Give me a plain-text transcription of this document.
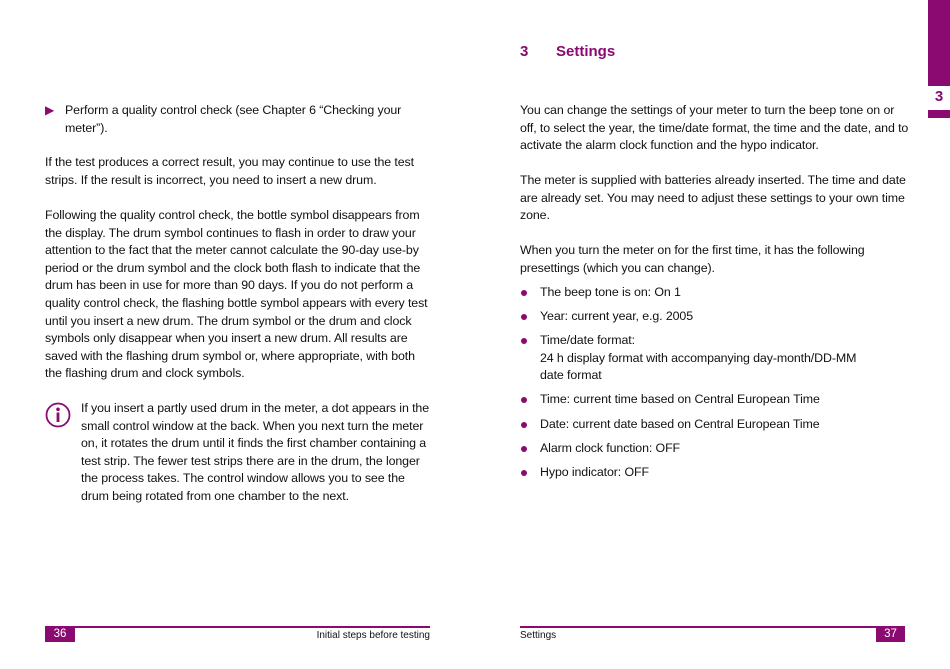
▶ Perform a quality control check (see Chapter 6 “Checking your meter”).

If the test produces a correct result, you may continue to use the test strips. If the result is incorrect, you need to insert a new drum.

Following the quality control check, the bottle symbol disappears from the display. The drum symbol continues to flash in order to draw your attention to the fact that the meter cannot calculate the 90-day use-by period or the drum symbol and the clock both flash to indicate that the drum has been in use for more than 90 days. If you do not perform a quality control check, the flashing bottle symbol appears with every test until you insert a new drum. The drum symbol or the drum and clock symbols only disappear when you insert a new drum. All results are saved with the flashing drum symbol or, where appropriate, with both the flashing drum and clock symbols.

If you insert a partly used drum in the meter, a dot appears in the small control window at the back. When you next turn the meter on, it rotates the drum until it finds the first chamber containing a test strip. The fewer test strips there are in the drum, the longer the process takes. The control window allows you to see the drum being rotated from one chamber to the next.

36	Initial steps before testing
3 Settings

You can change the settings of your meter to turn the beep tone on or off, to select the year, the time/date format, the time and the date, and to activate the alarm clock function and the hypo indicator.

The meter is supplied with batteries already inserted. The time and date are already set. You may need to adjust these settings to your own time zone.

When you turn the meter on for the first time, it has the following presettings (which you can change).

The beep tone is on: On 1
Year: current year, e.g. 2005
Time/date format:
24 h display format with accompanying day-month/DD-MM
date format
Time: current time based on Central European Time
Date: current date based on Central European Time
Alarm clock function: OFF
Hypo indicator: OFF
Settings	37
3
